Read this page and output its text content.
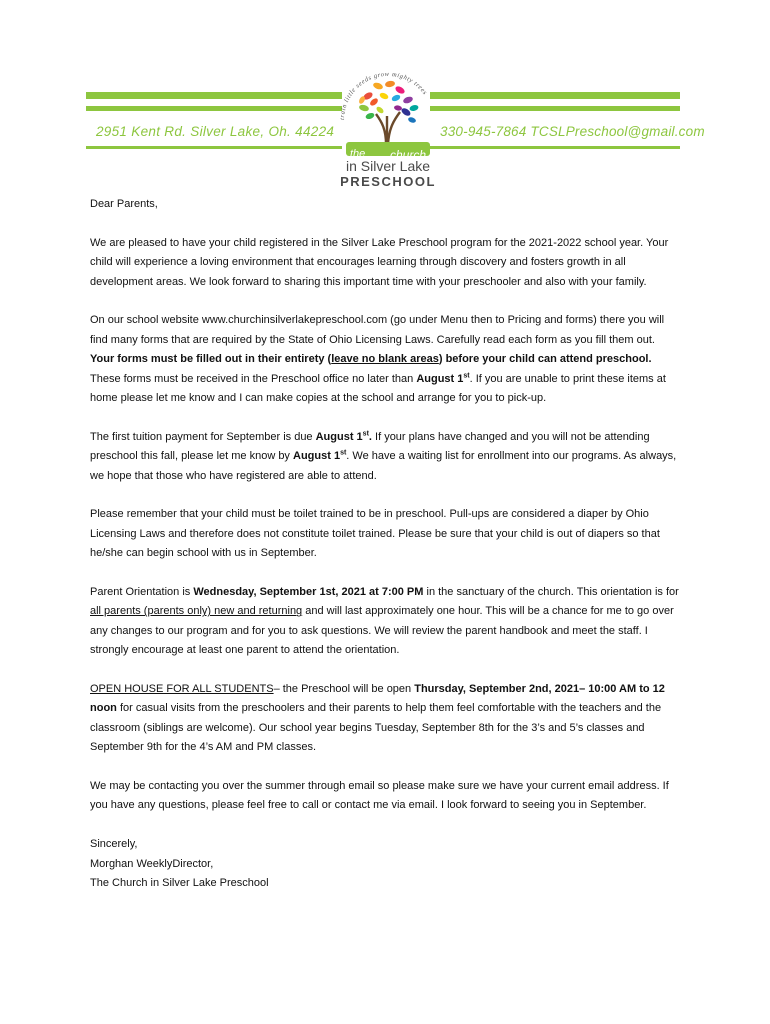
2951 Kent Rd. Silver Lake, Oh. 44224	330-945-7864 TCSLPreschool@gmail.com
train little seeds grow mighty trees
the church
in Silver Lake
PRESCHOOL

Dear Parents,

We are pleased to have your child registered in the Silver Lake Preschool program for the 2021-2022 school year. Your child will experience a loving environment that encourages learning through discovery and fosters growth in all development areas. We look forward to sharing this important time with your preschooler and also with your family.

On our school website www.churchinsilverlakepreschool.com (go under Menu then to Pricing and forms) there you will find many forms that are required by the State of Ohio Licensing Laws. Carefully read each form as you fill them out. Your forms must be filled out in their entirety (leave no blank areas) before your child can attend preschool. These forms must be received in the Preschool office no later than August 1st. If you are unable to print these items at home please let me know and I can make copies at the school and arrange for you to pick-up.

The first tuition payment for September is due August 1st. If your plans have changed and you will not be attending preschool this fall, please let me know by August 1st. We have a waiting list for enrollment into our programs. As always, we hope that those who have registered are able to attend.

Please remember that your child must be toilet trained to be in preschool. Pull-ups are considered a diaper by Ohio Licensing Laws and therefore does not constitute toilet trained. Please be sure that your child is out of diapers so that he/she can begin school with us in September.

Parent Orientation is Wednesday, September 1st, 2021 at 7:00 PM in the sanctuary of the church. This orientation is for all parents (parents only) new and returning and will last approximately one hour. This will be a chance for me to go over any changes to our program and for you to ask questions. We will review the parent handbook and meet the staff. I strongly encourage at least one parent to attend the orientation.

OPEN HOUSE FOR ALL STUDENTS– the Preschool will be open Thursday, September 2nd, 2021– 10:00 AM to 12 noon for casual visits from the preschoolers and their parents to help them feel comfortable with the teachers and the classroom (siblings are welcome). Our school year begins Tuesday, September 8th for the 3’s and 5’s classes and September 9th for the 4’s AM and PM classes.

We may be contacting you over the summer through email so please make sure we have your current email address. If you have any questions, please feel free to call or contact me via email. I look forward to seeing you in September.

Sincerely,
Morghan WeeklyDirector,
The Church in Silver Lake Preschool
